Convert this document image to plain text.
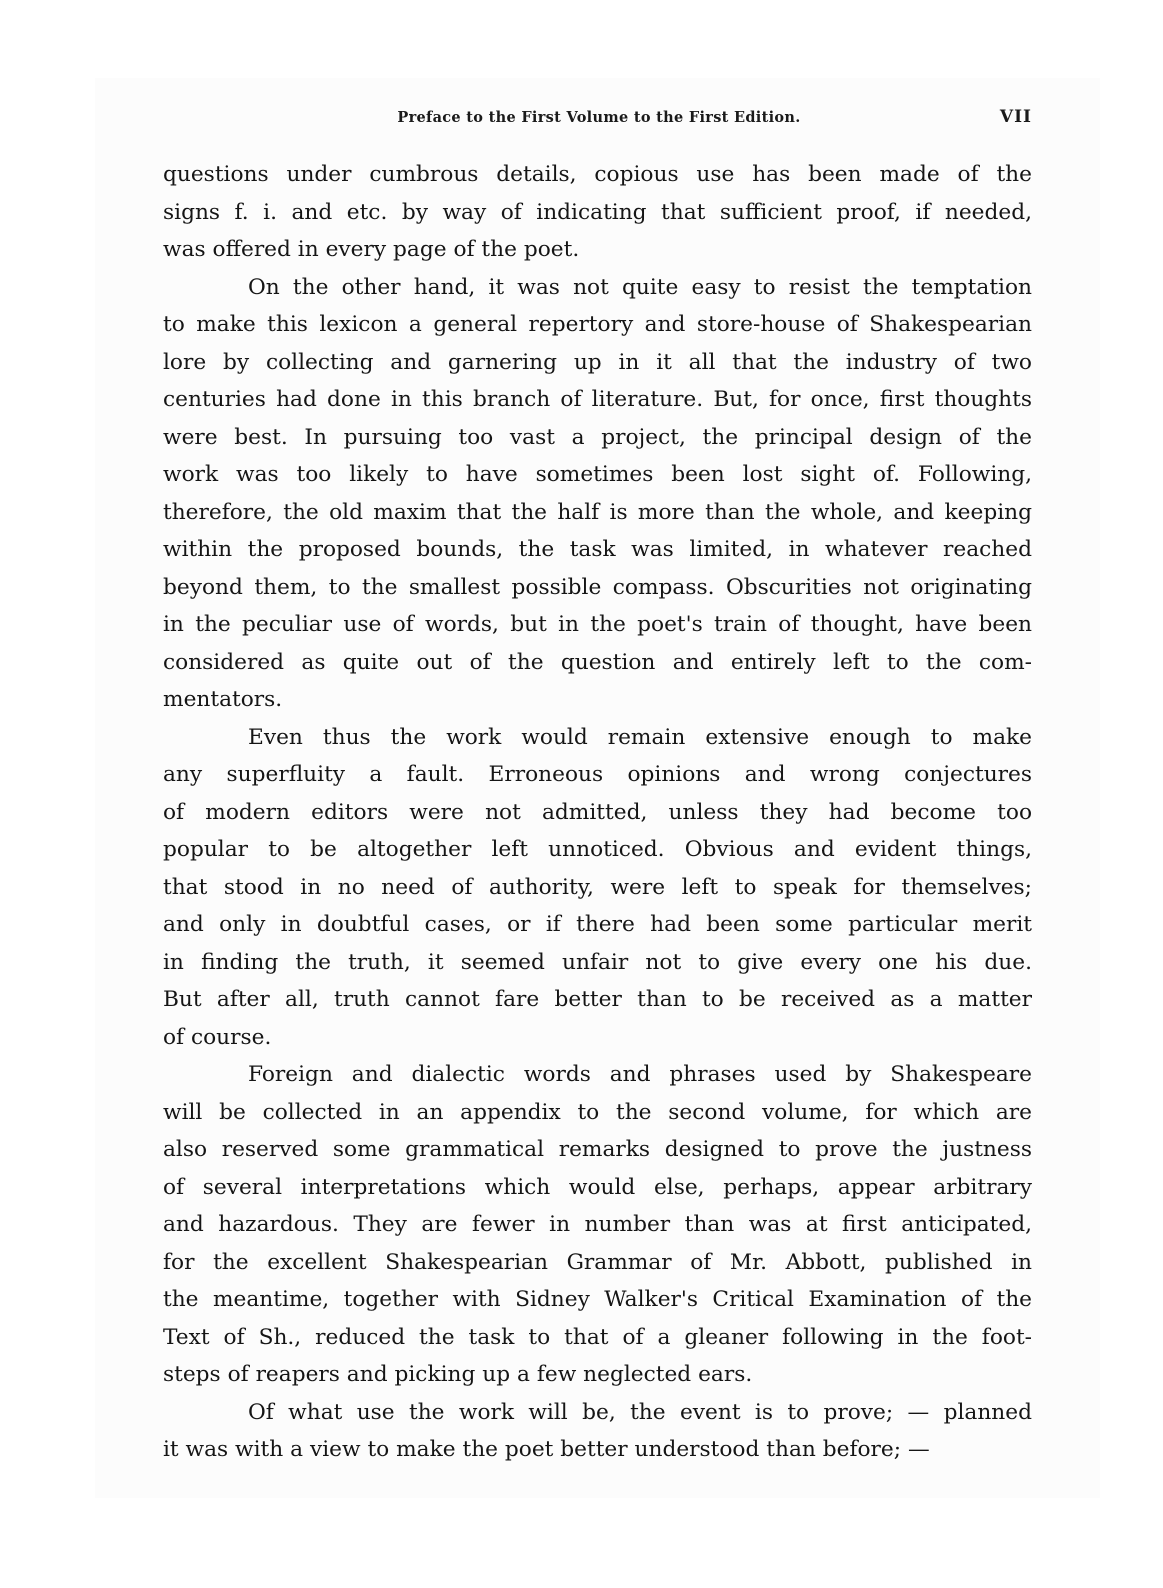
Preface to the First Volume to the First Edition.	VII
questions under cumbrous details, copious use has been made of the
signs f. i. and etc. by way of indicating that sufficient proof, if needed,
was offered in every page of the poet.
On the other hand, it was not quite easy to resist the temptation
to make this lexicon a general repertory and store-house of Shakespearian
lore by collecting and garnering up in it all that the industry of two
centuries had done in this branch of literature. But, for once, first thoughts
were best. In pursuing too vast a project, the principal design of the
work was too likely to have sometimes been lost sight of. Following,
therefore, the old maxim that the half is more than the whole, and keeping
within the proposed bounds, the task was limited, in whatever reached
beyond them, to the smallest possible compass. Obscurities not originating
in the peculiar use of words, but in the poet's train of thought, have been
considered as quite out of the question and entirely left to the com-
mentators.
Even thus the work would remain extensive enough to make
any superfluity a fault. Erroneous opinions and wrong conjectures
of modern editors were not admitted, unless they had become too
popular to be altogether left unnoticed. Obvious and evident things,
that stood in no need of authority, were left to speak for themselves;
and only in doubtful cases, or if there had been some particular merit
in finding the truth, it seemed unfair not to give every one his due.
But after all, truth cannot fare better than to be received as a matter
of course.
Foreign and dialectic words and phrases used by Shakespeare
will be collected in an appendix to the second volume, for which are
also reserved some grammatical remarks designed to prove the justness
of several interpretations which would else, perhaps, appear arbitrary
and hazardous. They are fewer in number than was at first anticipated,
for the excellent Shakespearian Grammar of Mr. Abbott, published in
the meantime, together with Sidney Walker's Critical Examination of the
Text of Sh., reduced the task to that of a gleaner following in the foot-
steps of reapers and picking up a few neglected ears.
Of what use the work will be, the event is to prove; — planned
it was with a view to make the poet better understood than before; —
